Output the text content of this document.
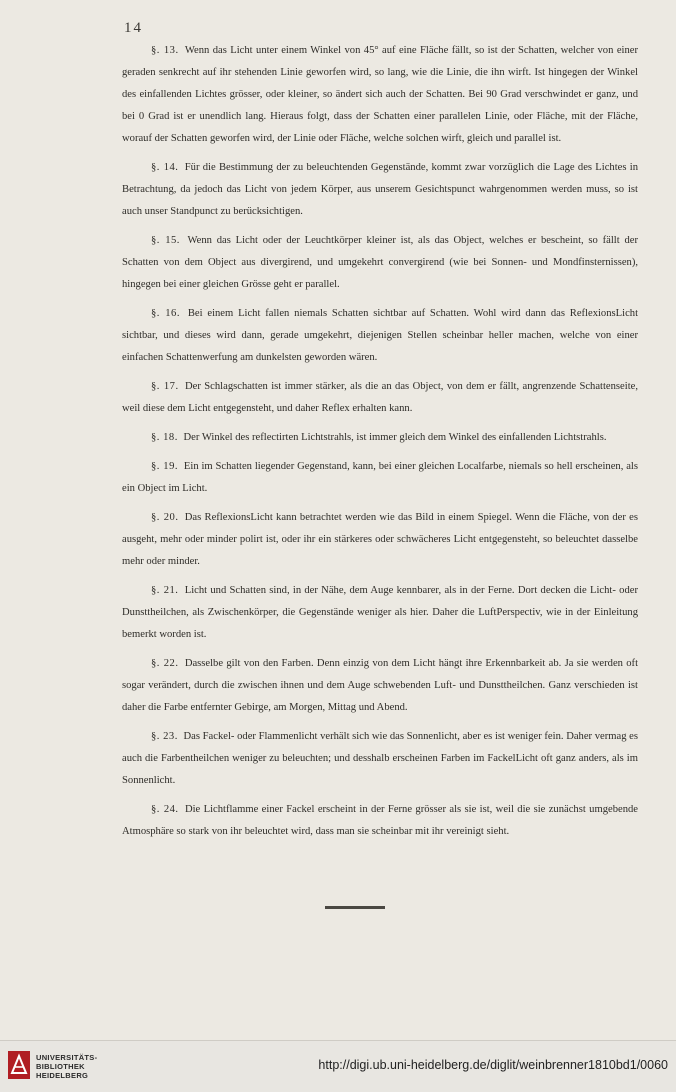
14

§. 13. Wenn das Licht unter einem Winkel von 45° auf eine Fläche fällt, so ist der Schatten, welcher von einer geraden senkrecht auf ihr stehenden Linie geworfen wird, so lang, wie die Linie, die ihn wirft. Ist hingegen der Winkel des einfallenden Lichtes grösser, oder kleiner, so ändert sich auch der Schatten. Bei 90 Grad verschwindet er ganz, und bei 0 Grad ist er unendlich lang. Hieraus folgt, dass der Schatten einer parallelen Linie, oder Fläche, mit der Fläche, worauf der Schatten geworfen wird, der Linie oder Fläche, welche solchen wirft, gleich und parallel ist.

§. 14. Für die Bestimmung der zu beleuchtenden Gegenstände, kommt zwar vorzüglich die Lage des Lichtes in Betrachtung, da jedoch das Licht von jedem Körper, aus unserem Gesichtspunct wahrgenommen werden muss, so ist auch unser Standpunct zu berücksichtigen.

§. 15. Wenn das Licht oder der Leuchtkörper kleiner ist, als das Object, welches er bescheint, so fällt der Schatten von dem Object aus divergirend, und umgekehrt convergirend (wie bei Sonnen- und Mondfinsternissen), hingegen bei einer gleichen Grösse geht er parallel.

§. 16. Bei einem Licht fallen niemals Schatten sichtbar auf Schatten. Wohl wird dann das ReflexionsLicht sichtbar, und dieses wird dann, gerade umgekehrt, diejenigen Stellen scheinbar heller machen, welche von einer einfachen Schattenwerfung am dunkelsten geworden wären.

§. 17. Der Schlagschatten ist immer stärker, als die an das Object, von dem er fällt, angrenzende Schattenseite, weil diese dem Licht entgegensteht, und daher Reflex erhalten kann.

§. 18. Der Winkel des reflectirten Lichtstrahls, ist immer gleich dem Winkel des einfallenden Lichtstrahls.

§. 19. Ein im Schatten liegender Gegenstand, kann, bei einer gleichen Localfarbe, niemals so hell erscheinen, als ein Object im Licht.

§. 20. Das ReflexionsLicht kann betrachtet werden wie das Bild in einem Spiegel. Wenn die Fläche, von der es ausgeht, mehr oder minder polirt ist, oder ihr ein stärkeres oder schwächeres Licht entgegensteht, so beleuchtet dasselbe mehr oder minder.

§. 21. Licht und Schatten sind, in der Nähe, dem Auge kennbarer, als in der Ferne. Dort decken die Licht- oder Dunsttheilchen, als Zwischenkörper, die Gegenstände weniger als hier. Daher die LuftPerspectiv, wie in der Einleitung bemerkt worden ist.

§. 22. Dasselbe gilt von den Farben. Denn einzig von dem Licht hängt ihre Erkennbarkeit ab. Ja sie werden oft sogar verändert, durch die zwischen ihnen und dem Auge schwebenden Luft- und Dunsttheilchen. Ganz verschieden ist daher die Farbe entfernter Gebirge, am Morgen, Mittag und Abend.

§. 23. Das Fackel- oder Flammenlicht verhält sich wie das Sonnenlicht, aber es ist weniger fein. Daher vermag es auch die Farbentheilchen weniger zu beleuchten; und desshalb erscheinen Farben im FackelLicht oft ganz anders, als im Sonnenlicht.

§. 24. Die Lichtflamme einer Fackel erscheint in der Ferne grösser als sie ist, weil die sie zunächst umgebende Atmosphäre so stark von ihr beleuchtet wird, dass man sie scheinbar mit ihr vereinigt sieht.

UNIVERSITÄTS-
BIBLIOTHEK
HEIDELBERG
http://digi.ub.uni-heidelberg.de/diglit/weinbrenner1810bd1/0060
